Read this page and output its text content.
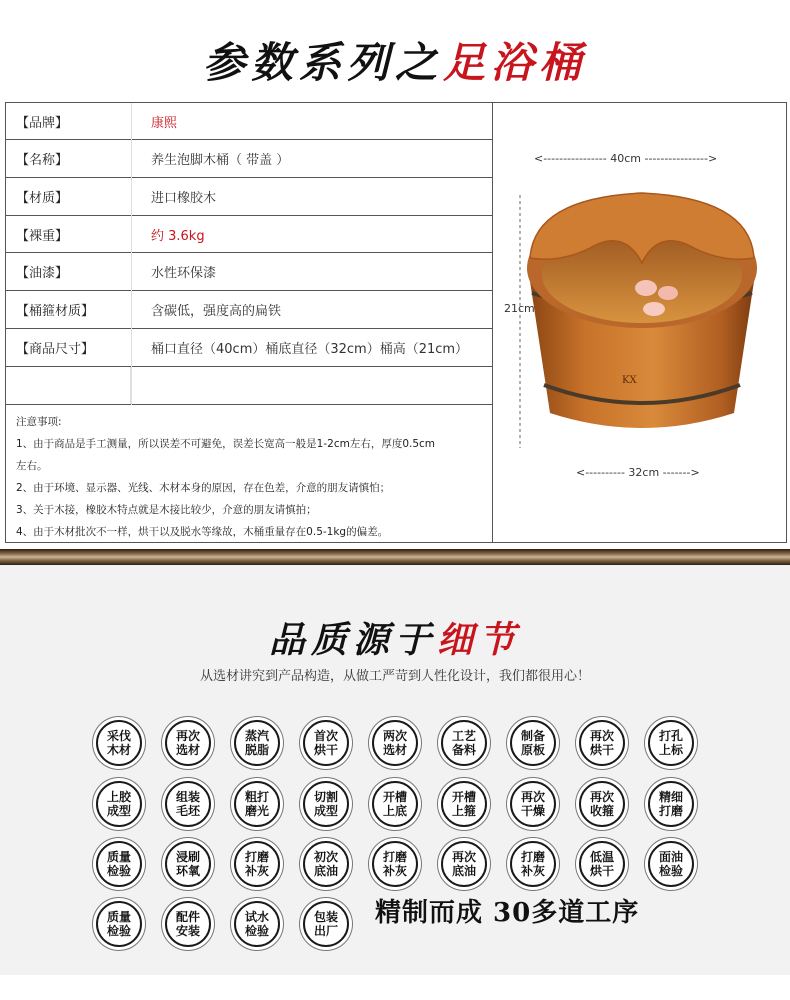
参数系列之足浴桶
【品牌】	康熙
【名称】	养生泡脚木桶（ 带盖 ）
【材质】	进口橡胶木
【裸重】	约 3.6kg
【油漆】	水性环保漆
【桶箍材质】	含碳低，强度高的扁铁
【商品尺寸】	桶口直径（40cm）桶底直径（32cm）桶高（21cm）
注意事项:
1、由于商品是手工测量，所以误差不可避免，误差长宽高一般是1-2cm左右，厚度0.5cm
左右。
2、由于环境、显示器、光线、木材本身的原因，存在色差，介意的朋友请慎怕；
3、关于木接，橡胶木特点就是木接比较少，介意的朋友请慎拍；
4、由于木材批次不一样，烘干以及脱水等缘故，木桶重量存在0.5-1kg的偏差。
<---------------- 40cm ---------------->
21cm
<---------- 32cm ------->
KX
品质源于细节
从选材讲究到产品构造，从做工严苛到人性化设计，我们都很用心！
采伐木材
再次选材
蒸汽脱脂
首次烘干
两次选材
工艺备料
制备原板
再次烘干
打孔上标
上胶成型
组装毛坯
粗打磨光
切割成型
开槽上底
开槽上箍
再次干燥
再次收箍
精细打磨
质量检验
浸刷环氧
打磨补灰
初次底油
打磨补灰
再次底油
打磨补灰
低温烘干
面油检验
质量检验
配件安装
试水检验
包装出厂
精制而成 30多道工序
